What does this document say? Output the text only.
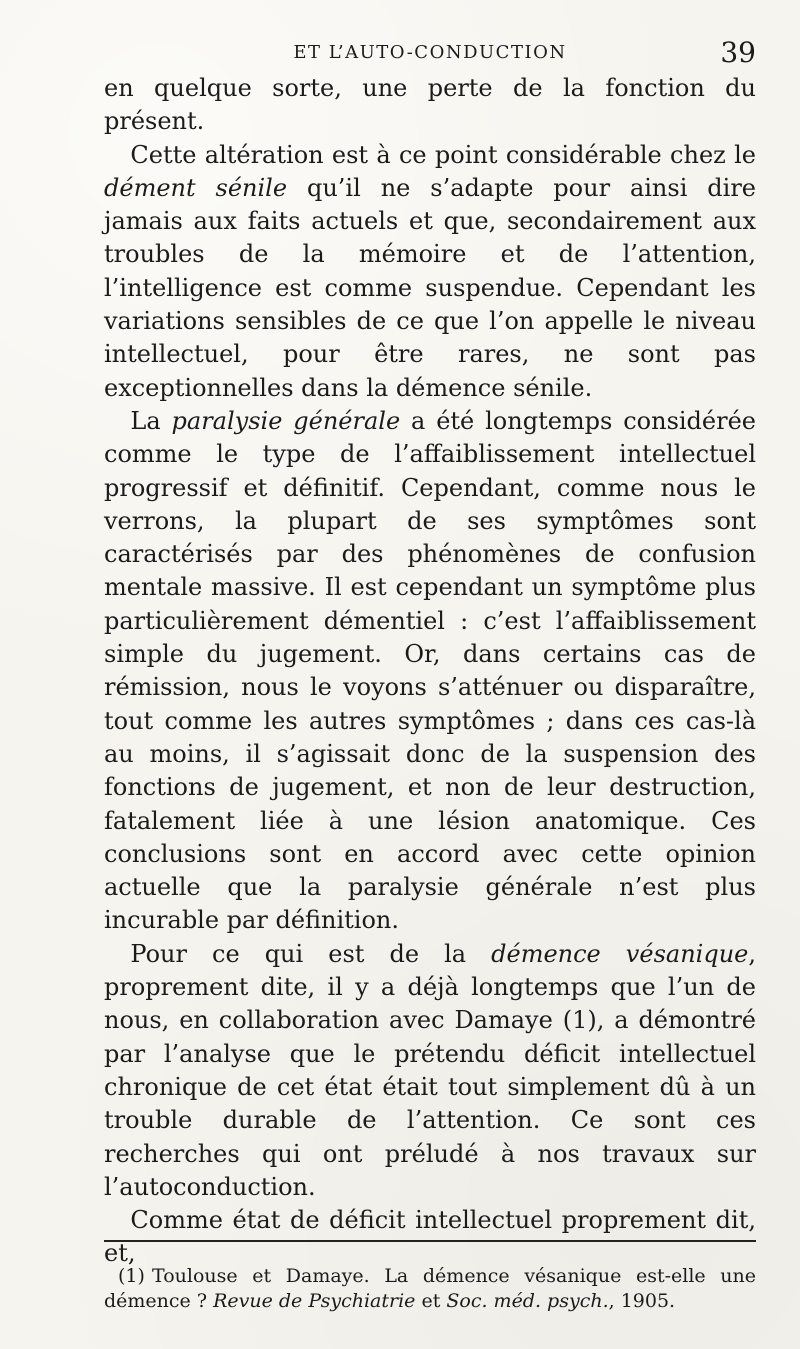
ET L’AUTO-CONDUCTION	39

en quelque sorte, une perte de la fonction du présent.

Cette altération est à ce point considérable chez le dément sénile qu’il ne s’adapte pour ainsi dire jamais aux faits actuels et que, secondairement aux troubles de la mémoire et de l’attention, l’intelligence est comme suspendue. Cependant les variations sensibles de ce que l’on appelle le niveau intellectuel, pour être rares, ne sont pas exceptionnelles dans la démence sénile.

La paralysie générale a été longtemps considérée comme le type de l’affaiblissement intellectuel progressif et définitif. Cependant, comme nous le verrons, la plupart de ses symptômes sont caractérisés par des phénomènes de confusion mentale massive. Il est cependant un symptôme plus particulièrement démentiel : c’est l’affaiblissement simple du jugement. Or, dans certains cas de rémission, nous le voyons s’atténuer ou disparaître, tout comme les autres symptômes ; dans ces cas-là au moins, il s’agissait donc de la suspension des fonctions de jugement, et non de leur destruction, fatalement liée à une lésion anatomique. Ces conclusions sont en accord avec cette opinion actuelle que la paralysie générale n’est plus incurable par définition.

Pour ce qui est de la démence vésanique, proprement dite, il y a déjà longtemps que l’un de nous, en collaboration avec Damaye (1), a démontré par l’analyse que le prétendu déficit intellectuel chronique de cet état était tout simplement dû à un trouble durable de l’attention. Ce sont ces recherches qui ont préludé à nos travaux sur l’autoconduction.

Comme état de déficit intellectuel proprement dit, et,

(1) Toulouse et Damaye. La démence vésanique est-elle une démence ? Revue de Psychiatrie et Soc. méd. psych., 1905.
